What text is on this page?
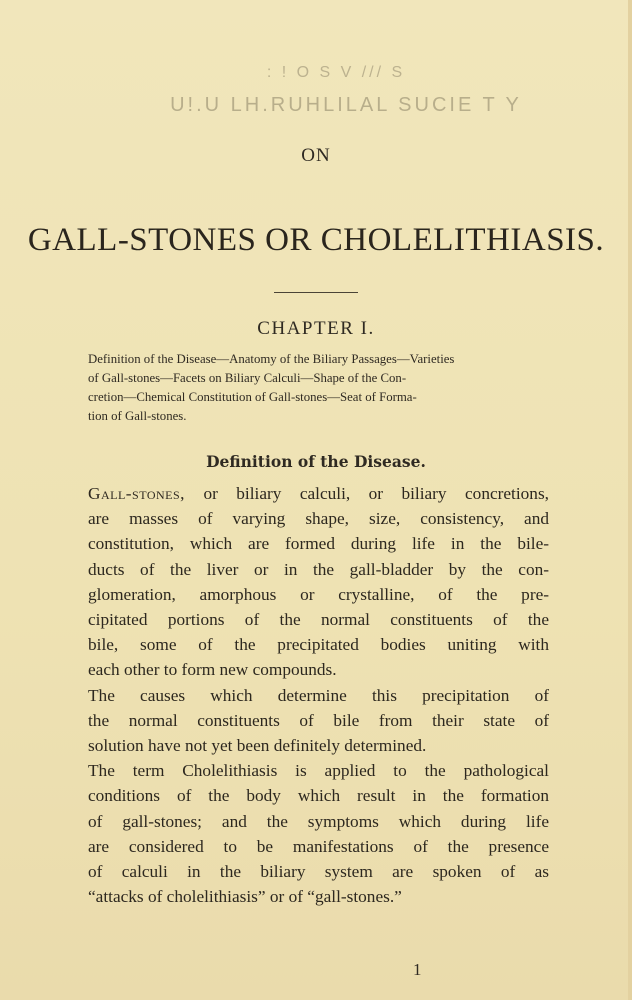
: ! O S V /// S
U!.U LH.RUHLILAL SUCIE T Y
ON
GALL-STONES OR CHOLELITHIASIS.
CHAPTER I.
Definition of the Disease—Anatomy of the Biliary Passages—Varieties
of Gall-stones—Facets on Biliary Calculi—Shape of the Con-
cretion—Chemical Constitution of Gall-stones—Seat of Forma-
tion of Gall-stones.
Definition of the Disease.
Gall-stones, or biliary calculi, or biliary concretions,
are masses of varying shape, size, consistency, and
constitution, which are formed during life in the bile-
ducts of the liver or in the gall-bladder by the con-
glomeration, amorphous or crystalline, of the pre-
cipitated portions of the normal constituents of the
bile, some of the precipitated bodies uniting with
each other to form new compounds.
The causes which determine this precipitation of
the normal constituents of bile from their state of
solution have not yet been definitely determined.
The term Cholelithiasis is applied to the pathological
conditions of the body which result in the formation
of gall-stones; and the symptoms which during life
are considered to be manifestations of the presence
of calculi in the biliary system are spoken of as
“attacks of cholelithiasis” or of “gall-stones.”
1
